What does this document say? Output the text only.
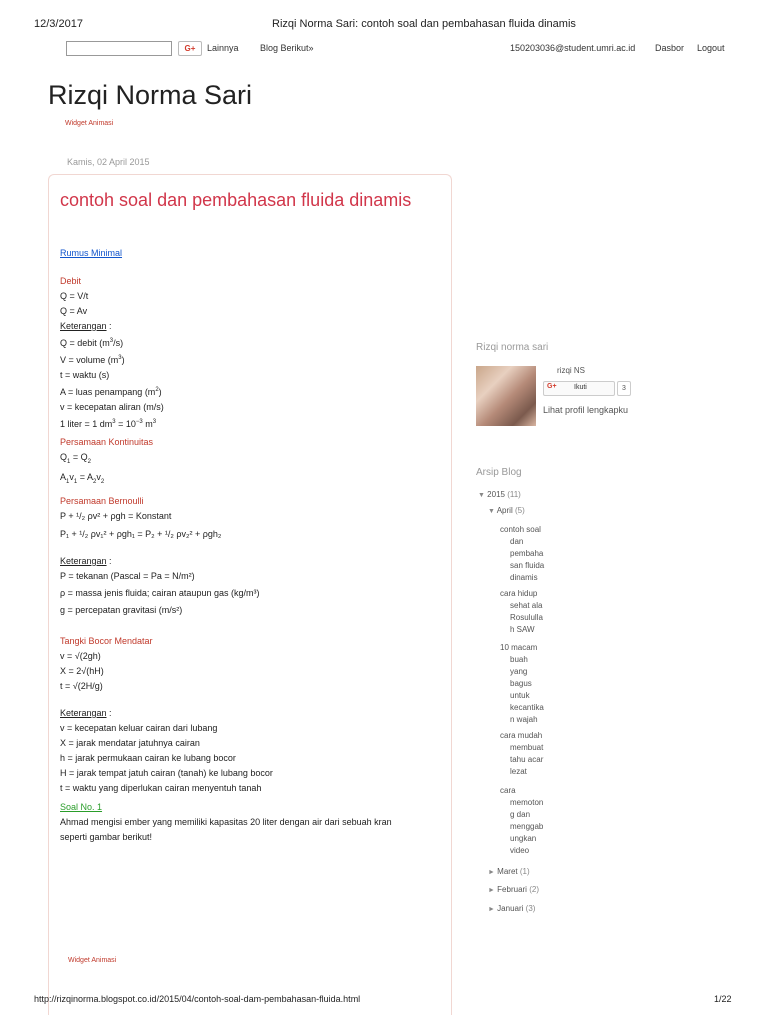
12/3/2017	Rizqi Norma Sari: contoh soal dan pembahasan fluida dinamis
G+	Lainnya Blog Berikut»	150203036@student.umri.ac.id Dasbor Logout
Rizqi Norma Sari
Widget Animasi
Kamis, 02 April 2015
contoh soal dan pembahasan fluida dinamis
Rumus Minimal
Debit
Q = V/t
Q = Av
Keterangan :
Q = debit $(m^3/s)$
V = volume $(m^3)$
t = waktu (s)
A = luas penampang $(m^2)$
v = kecepatan aliran (m/s)
1 liter = 1 $dm^3 = 10^{-3}$ $m^3$
Persamaan Kontinuitas
$Q_1 = Q_2$
$A_1v_1 = A_2v_2$
Persamaan Bernoulli
P + ¹/₂ ρv² + ρgh = Konstant
P₁ + ¹/₂ ρv₁² + ρgh₁ = P₂ + ¹/₂ ρv₂² + ρgh₂
Keterangan :
P = tekanan (Pascal = Pa = N/m²)
ρ = massa jenis fluida; cairan ataupun gas (kg/m³)
g = percepatan gravitasi (m/s²)
Tangki Bocor Mendatar
v = √(2gh)
X = 2√(hH)
t = √(2H/g)
Keterangan :
v = kecepatan keluar cairan dari lubang
X = jarak mendatar jatuhnya cairan
h = jarak permukaan cairan ke lubang bocor
H = jarak tempat jatuh cairan (tanah) ke lubang bocor
t = waktu yang diperlukan cairan menyentuh tanah
Soal No. 1
Ahmad mengisi ember yang memiliki kapasitas 20 liter dengan air dari sebuah kran
seperti gambar berikut!
Widget Animasi
Rizqi norma sari
rizqi NS
G+ Ikuti	3
Lihat profil lengkapku
Arsip Blog
▼ 2015 (11)
▼ April (5)
contoh soal
dan
pembaha
san fluida
dinamis
cara hidup
sehat ala
Rosululla
h SAW
10 macam
buah
yang
bagus
untuk
kecantika
n wajah
cara mudah
membuat
tahu acar
lezat
cara
memoton
g dan
menggab
ungkan
video
► Maret (1)
► Februari (2)
► Januari (3)
http://rizqinorma.blogspot.co.id/2015/04/contoh-soal-dam-pembahasan-fluida.html	1/22
